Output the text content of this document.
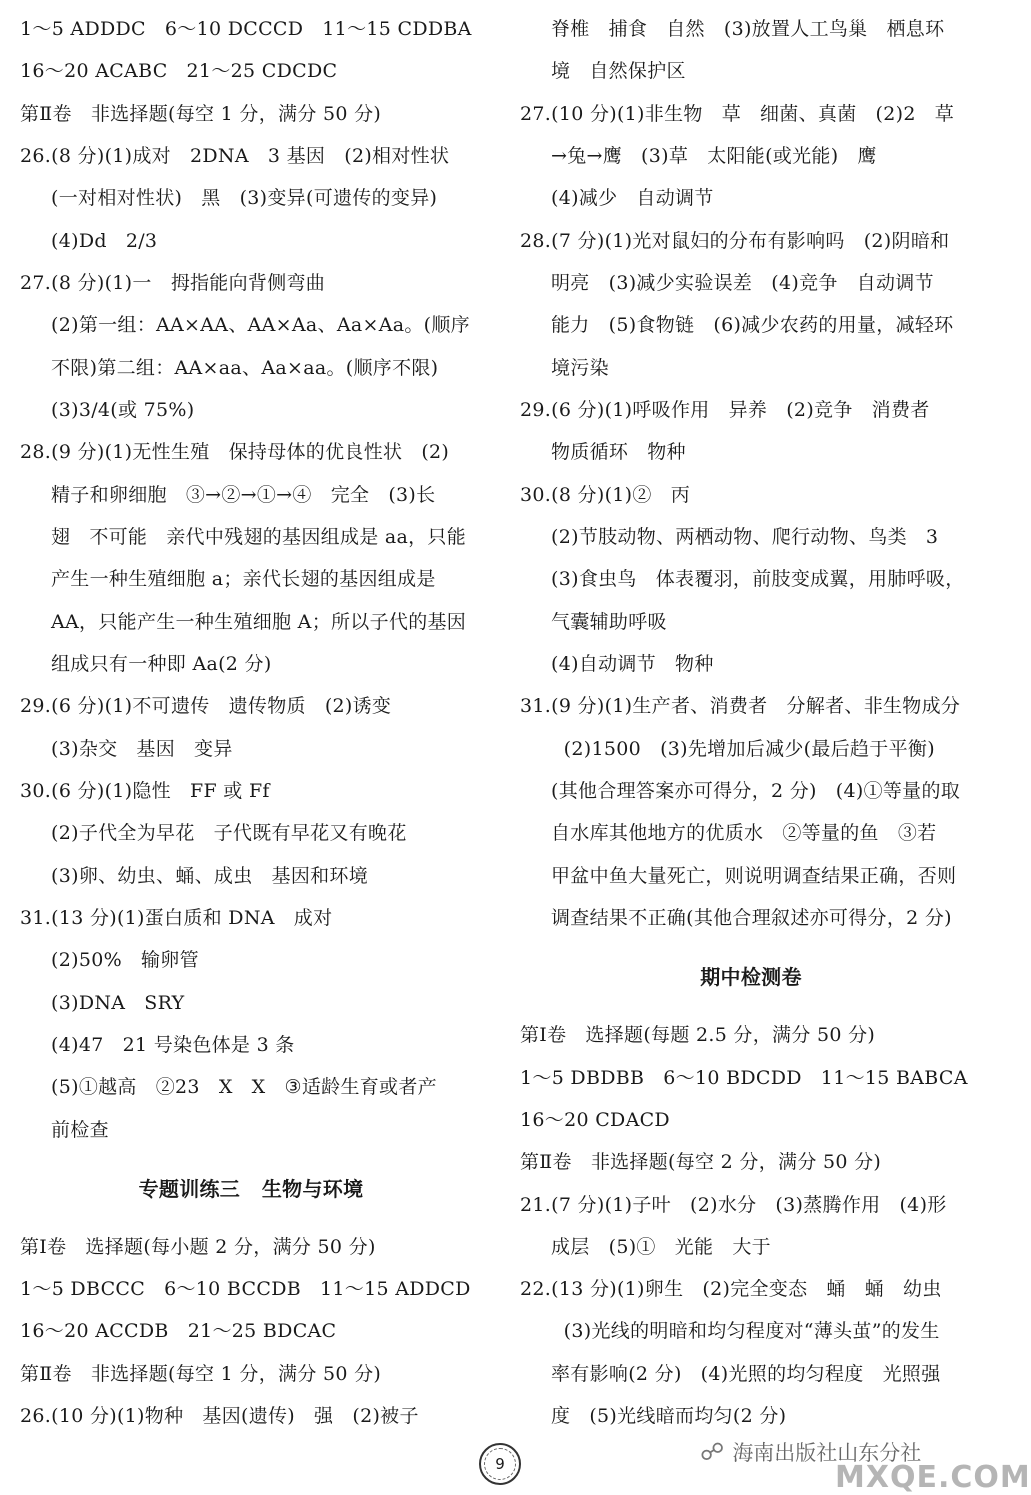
1～5 ADDDC   6～10 DCCCD   11～15 CDDBA
16～20 ACABC   21～25 CDCDC
第Ⅱ卷   非选择题(每空 1 分，满分 50 分)
26.(8 分)(1)成对   2DNA   3 基因   (2)相对性状
(一对相对性状)   黑   (3)变异(可遗传的变异)
(4)Dd   2/3
27.(8 分)(1)一   拇指能向背侧弯曲
(2)第一组：AA×AA、AA×Aa、Aa×Aa。(顺序
不限)第二组：AA×aa、Aa×aa。(顺序不限)
(3)3/4(或 75%)
28.(9 分)(1)无性生殖   保持母体的优良性状   (2)
精子和卵细胞   ③→②→①→④   完全   (3)长
翅   不可能   亲代中残翅的基因组成是 aa，只能
产生一种生殖细胞 a；亲代长翅的基因组成是
AA，只能产生一种生殖细胞 A；所以子代的基因
组成只有一种即 Aa(2 分)
29.(6 分)(1)不可遗传   遗传物质   (2)诱变
(3)杂交   基因   变异
30.(6 分)(1)隐性   FF 或 Ff
(2)子代全为早花   子代既有早花又有晚花
(3)卵、幼虫、蛹、成虫   基因和环境
31.(13 分)(1)蛋白质和 DNA   成对
(2)50%   输卵管
(3)DNA   SRY
(4)47   21 号染色体是 3 条
(5)①越高   ②23   X   X   ③适龄生育或者产
前检查
专题训练三   生物与环境
第Ⅰ卷   选择题(每小题 2 分，满分 50 分)
1～5 DBCCC   6～10 BCCDB   11～15 ADDCD
16～20 ACCDB   21～25 BDCAC
第Ⅱ卷   非选择题(每空 1 分，满分 50 分)
26.(10 分)(1)物种   基因(遗传)   强   (2)被子
脊椎   捕食   自然   (3)放置人工鸟巢   栖息环
境   自然保护区
27.(10 分)(1)非生物   草   细菌、真菌   (2)2   草
→兔→鹰   (3)草   太阳能(或光能)   鹰
(4)减少   自动调节
28.(7 分)(1)光对鼠妇的分布有影响吗   (2)阴暗和
明亮   (3)减少实验误差   (4)竞争   自动调节
能力   (5)食物链   (6)减少农药的用量，减轻环
境污染
29.(6 分)(1)呼吸作用   异养   (2)竞争   消费者
物质循环   物种
30.(8 分)(1)②   丙
(2)节肢动物、两栖动物、爬行动物、鸟类   3
(3)食虫鸟   体表覆羽，前肢变成翼，用肺呼吸，
气囊辅助呼吸
(4)自动调节   物种
31.(9 分)(1)生产者、消费者   分解者、非生物成分
(2)1500   (3)先增加后减少(最后趋于平衡)
(其他合理答案亦可得分，2 分)   (4)①等量的取
自水库其他地方的优质水   ②等量的鱼   ③若
甲盆中鱼大量死亡，则说明调查结果正确，否则
调查结果不正确(其他合理叙述亦可得分，2 分)
期中检测卷
第Ⅰ卷   选择题(每题 2.5 分，满分 50 分)
1～5 DBDBB   6～10 BDCDD   11～15 BABCA
16～20 CDACD
第Ⅱ卷   非选择题(每空 2 分，满分 50 分)
21.(7 分)(1)子叶   (2)水分   (3)蒸腾作用   (4)形
成层   (5)①   光能   大于
22.(13 分)(1)卵生   (2)完全变态   蛹   蛹   幼虫
(3)光线的明暗和均匀程度对“薄头茧”的发生
率有影响(2 分)   (4)光照的均匀程度   光照强
度   (5)光线暗而均匀(2 分)
9	☍ 海南出版社山东分社
MXQE.COM
